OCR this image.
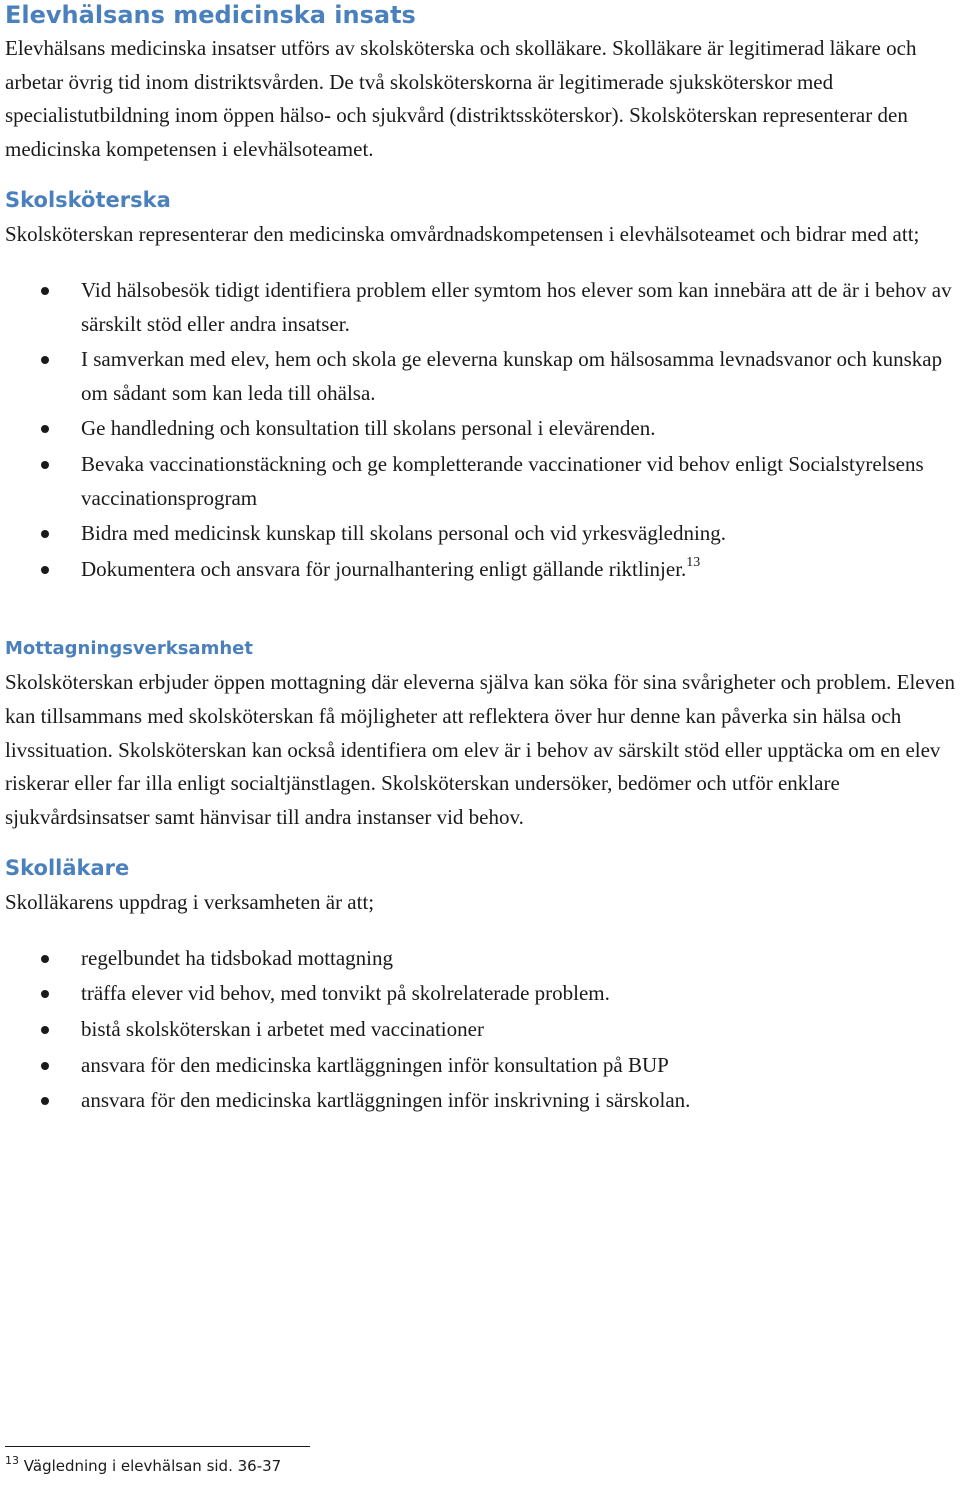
Elevhälsans medicinska insats

Elevhälsans medicinska insatser utförs av skolsköterska och skolläkare. Skolläkare är legitimerad läkare och arbetar övrig tid inom distriktsvården. De två skolsköterskorna är legitimerade sjuksköterskor med specialistutbildning inom öppen hälso- och sjukvård (distriktssköterskor). Skolsköterskan representerar den medicinska kompetensen i elevhälsoteamet.

Skolsköterska

Skolsköterskan representerar den medicinska omvårdnadskompetensen i elevhälsoteamet och bidrar med att;

Vid hälsobesök tidigt identifiera problem eller symtom hos elever som kan innebära att de är i behov av särskilt stöd eller andra insatser.
I samverkan med elev, hem och skola ge eleverna kunskap om hälsosamma levnadsvanor och kunskap om sådant som kan leda till ohälsa.
Ge handledning och konsultation till skolans personal i elevärenden.
Bevaka vaccinationstäckning och ge kompletterande vaccinationer vid behov enligt Socialstyrelsens vaccinationsprogram
Bidra med medicinsk kunskap till skolans personal och vid yrkesvägledning.
Dokumentera och ansvara för journalhantering enligt gällande riktlinjer.$^{13}$
Mottagningsverksamhet

Skolsköterskan erbjuder öppen mottagning där eleverna själva kan söka för sina svårigheter och problem. Eleven kan tillsammans med skolsköterskan få möjligheter att reflektera över hur denne kan påverka sin hälsa och livssituation. Skolsköterskan kan också identifiera om elev är i behov av särskilt stöd eller upptäcka om en elev riskerar eller far illa enligt socialtjänstlagen. Skolsköterskan undersöker, bedömer och utför enklare sjukvårdsinsatser samt hänvisar till andra instanser vid behov.

Skolläkare

Skolläkarens uppdrag i verksamheten är att;

regelbundet ha tidsbokad mottagning
träffa elever vid behov, med tonvikt på skolrelaterade problem.
bistå skolsköterskan i arbetet med vaccinationer
ansvara för den medicinska kartläggningen inför konsultation på BUP
ansvara för den medicinska kartläggningen inför inskrivning i särskolan.
$^{13}$ Vägledning i elevhälsan sid. 36-37
